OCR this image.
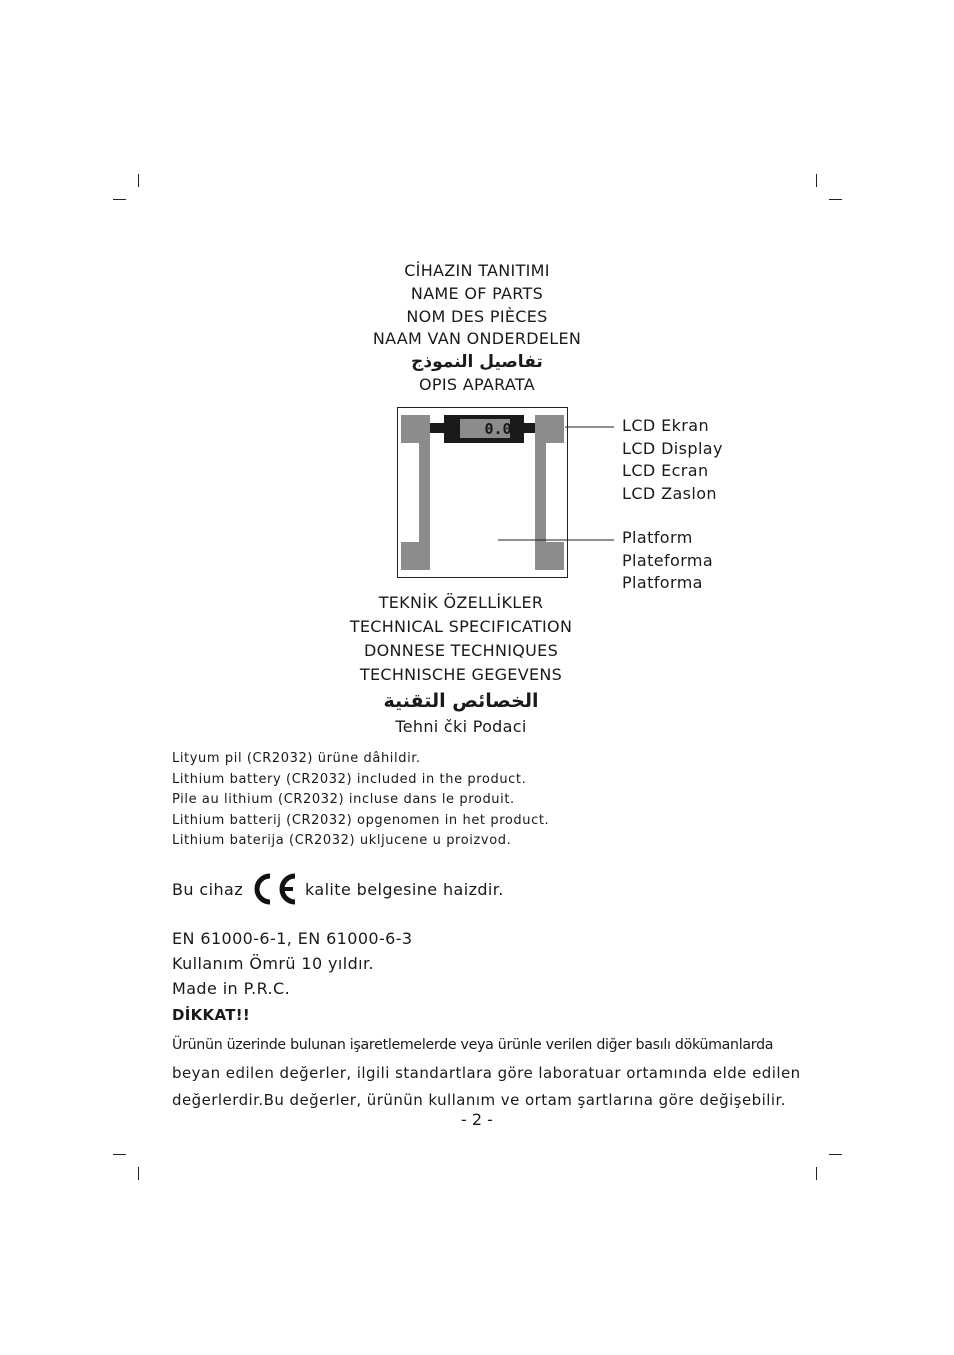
CİHAZIN TANITIMI
NAME OF PARTS
NOM DES PIÈCES
NAAM VAN ONDERDELEN
تفاصيل النموذج
OPIS APARATA
0.0	LCD Ekran
LCD Display
LCD Ecran
LCD Zaslon
Platform
Plateforma
Platforma
TEKNİK ÖZELLİKLER
TECHNICAL SPECIFICATION
DONNESE TECHNIQUES
TECHNISCHE GEGEVENS
الخصائص التقنية
Tehni čki Podaci
Lityum pil (CR2032) ürüne dâhildir.
Lithium battery (CR2032) included in the product.
Pile au lithium (CR2032) incluse dans le produit.
Lithium batterij (CR2032) opgenomen in het product.
Lithium baterija (CR2032) ukljucene u proizvod.
Bu cihaz	kalite belgesine haizdir.
EN 61000-6-1, EN 61000-6-3
Kullanım Ömrü 10 yıldır.
Made in P.R.C.
DİKKAT!!
Ürünün üzerinde bulunan işaretlemelerde veya ürünle verilen diğer basılı dökümanlarda
beyan edilen değerler, ilgili standartlara göre laboratuar ortamında elde edilen
değerlerdir.Bu değerler, ürünün kullanım ve ortam şartlarına göre değişebilir.
- 2 -
